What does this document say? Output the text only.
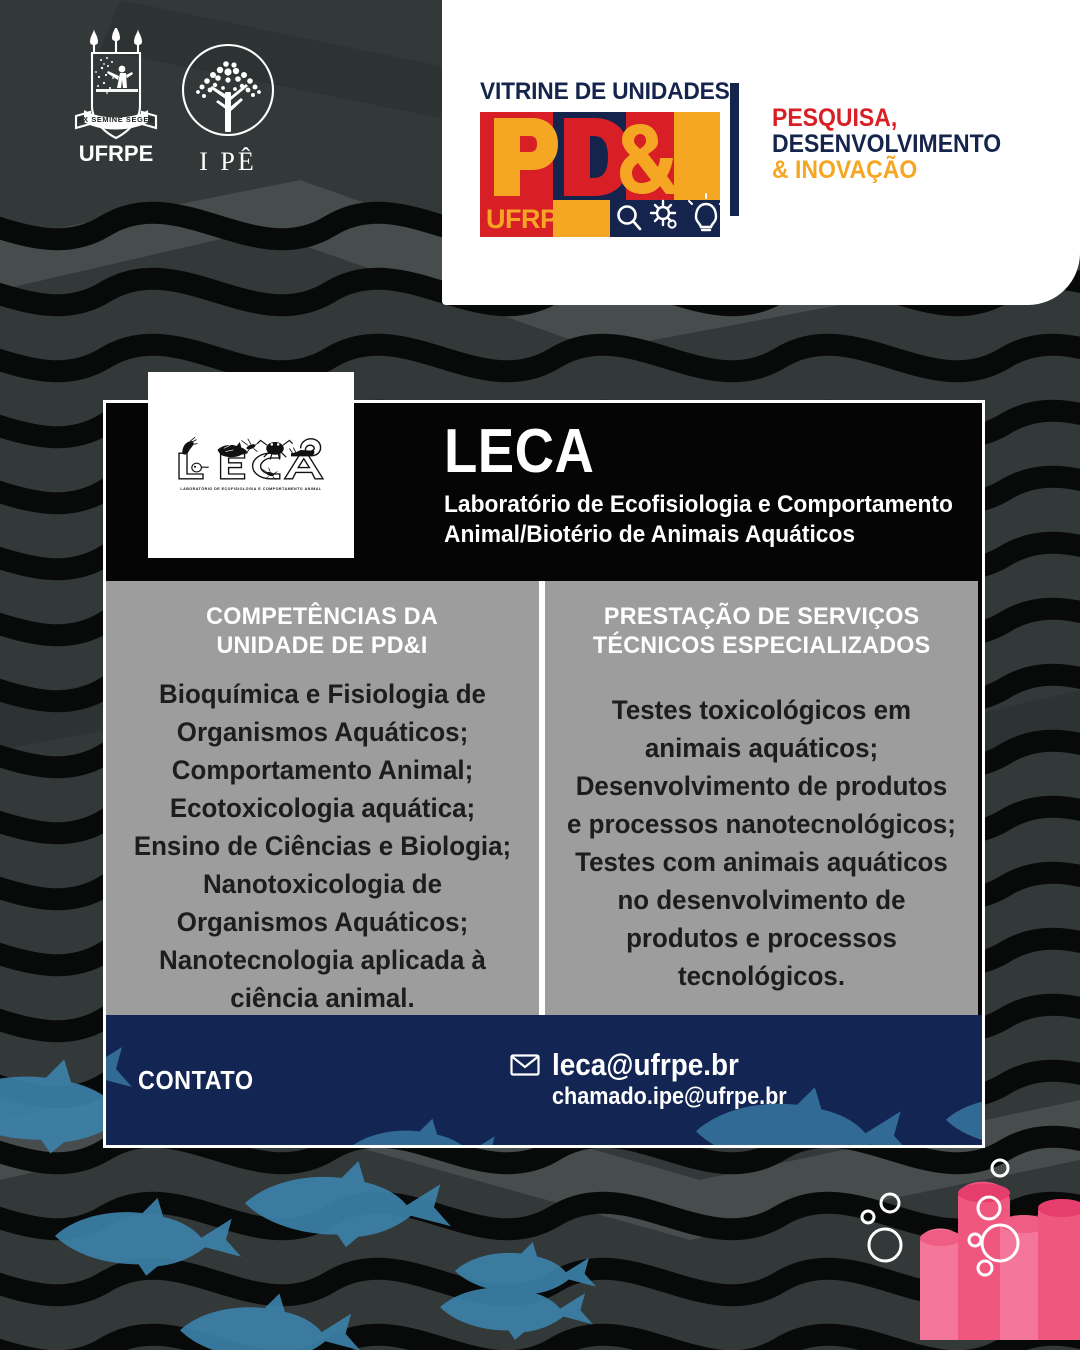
EX SEMINE SEGES
UFRPE I PÊ
VITRINE DE UNIDADES
UFRPE
PESQUISA,
DESENVOLVIMENTO
& INOVAÇÃO
LABORATÓRIO DE ECOFISIOLOGIA E COMPORTAMENTO ANIMAL
LECA
Laboratório de Ecofisiologia e Comportamento
Animal/Biotério de Animais Aquáticos
COMPETÊNCIAS DA
UNIDADE DE PD&I
Bioquímica e Fisiologia de Organismos Aquáticos; Comportamento Animal; Ecotoxicologia aquática; Ensino de Ciências e Biologia; Nanotoxicologia de Organismos Aquáticos; Nanotecnologia aplicada à ciência animal.
PRESTAÇÃO DE SERVIÇOS
TÉCNICOS ESPECIALIZADOS
Testes toxicológicos em animais aquáticos; Desenvolvimento de produtos e processos nanotecnológicos; Testes com animais aquáticos no desenvolvimento de produtos e processos tecnológicos.
CONTATO	leca@ufrpe.br
chamado.ipe@ufrpe.br
